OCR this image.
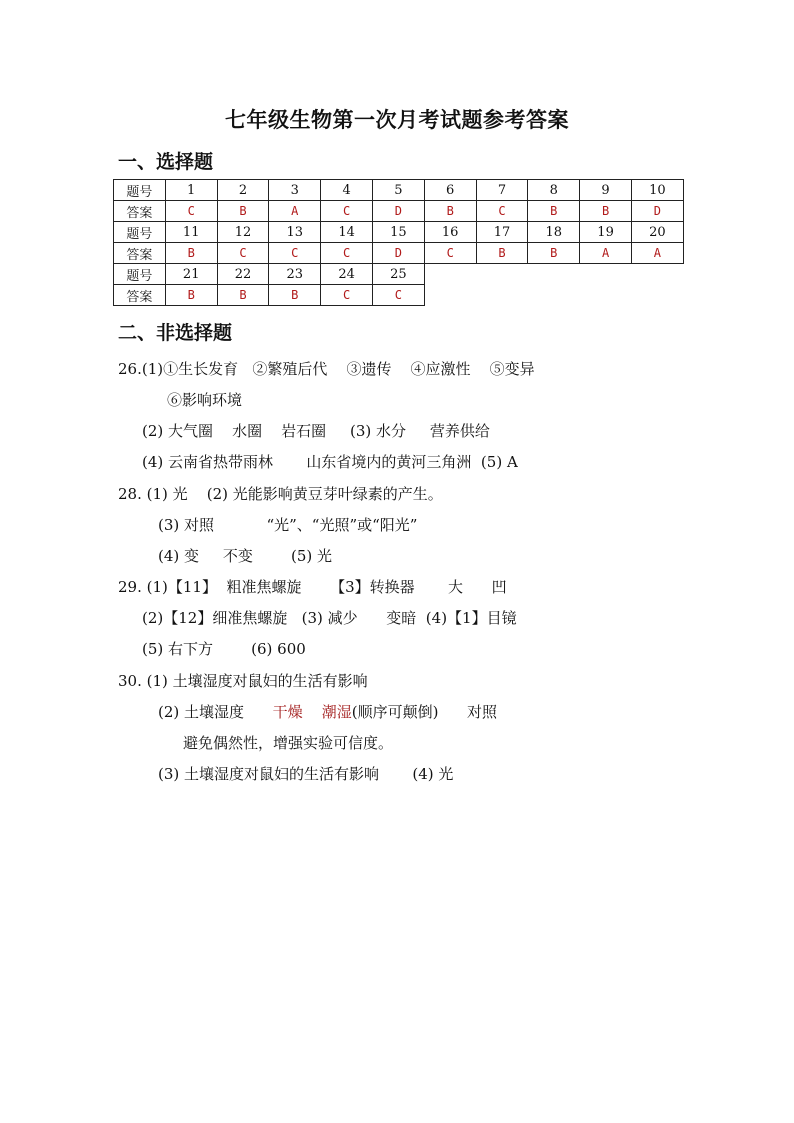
七年级生物第一次月考试题参考答案
一、选择题
题号	1	2	3	4	5	6	7	8	9	10
答案	C	B	A	C	D	B	C	B	B	D
题号	11	12	13	14	15	16	17	18	19	20
答案	B	C	C	C	D	C	B	B	A	A
题号	21	22	23	24	25					
答案	B	B	B	C	C					
二、非选择题
26.(1)①生长发育   ②繁殖后代    ③遗传    ④应激性    ⑤变异
⑥影响环境
(2) 大气圈    水圈    岩石圈     (3) 水分     营养供给
(4) 云南省热带雨林       山东省境内的黄河三角洲  (5) A
28. (1) 光    (2) 光能影响黄豆芽叶绿素的产生。
(3) 对照           “光”、“光照”或“阳光”
(4) 变     不变        (5) 光
29. (1)【11】  粗准焦螺旋      【3】转换器       大      凹
(2)【12】细准焦螺旋   (3) 减少      变暗  (4)【1】目镜
(5) 右下方        (6) 600
30. (1) 土壤湿度对鼠妇的生活有影响
(2) 土壤湿度      干燥 潮湿(顺序可颠倒)      对照
避免偶然性，增强实验可信度。
(3) 土壤湿度对鼠妇的生活有影响       (4) 光
